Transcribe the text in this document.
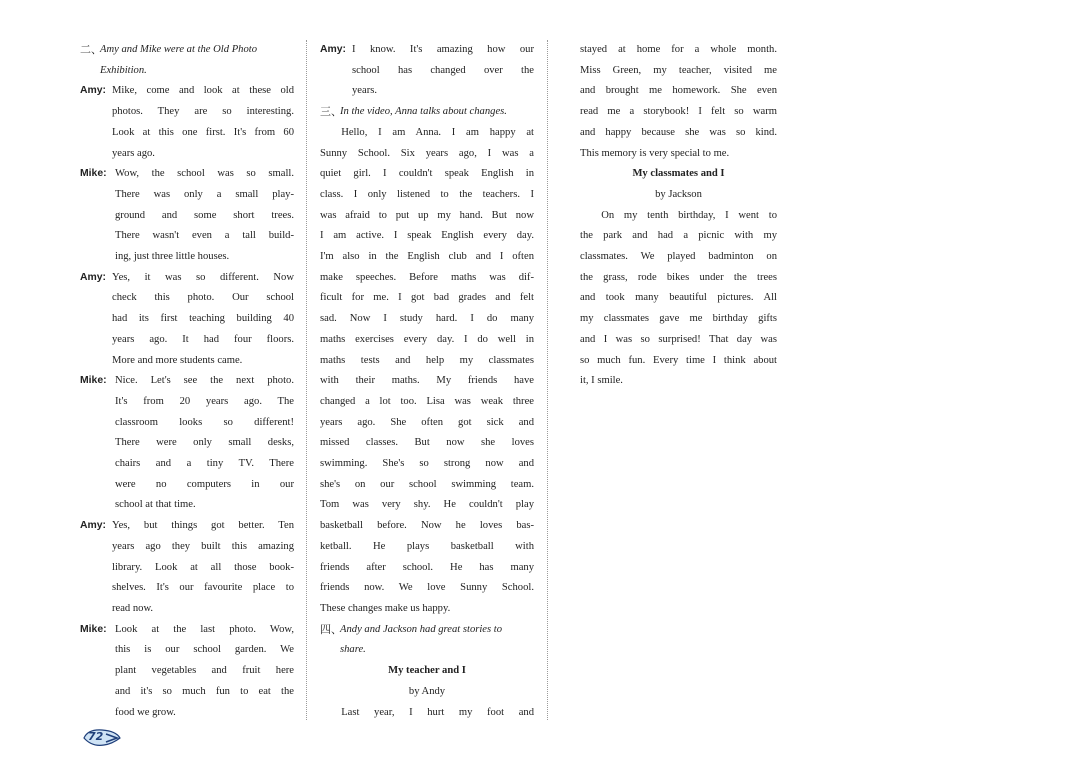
二、
Amy and Mike were at the Old Photo
Exhibition.
Amy: Mike, come and look at these old
photos. They are so interesting.
Look at this one first. It's from 60
years ago.
Mike: Wow, the school was so small.
There was only a small play-
ground and some short trees.
There wasn't even a tall build-
ing, just three little houses.
Amy: Yes, it was so different. Now
check this photo. Our school
had its first teaching building 40
years ago. It had four floors.
More and more students came.
Mike: Nice. Let's see the next photo.
It's from 20 years ago. The
classroom looks so different!
There were only small desks,
chairs and a tiny TV. There
were no computers in our
school at that time.
Amy: Yes, but things got better. Ten
years ago they built this amazing
library. Look at all those book-
shelves. It's our favourite place to
read now.
Mike: Look at the last photo. Wow,
this is our school garden. We
plant vegetables and fruit here
and it's so much fun to eat the
food we grow.
Amy: I know. It's amazing how our
school has changed over the
years.
三、
In the video, Anna talks about changes.
Hello, I am Anna. I am happy at
Sunny School. Six years ago, I was a
quiet girl. I couldn't speak English in
class. I only listened to the teachers. I
was afraid to put up my hand. But now
I am active. I speak English every day.
I'm also in the English club and I often
make speeches. Before maths was dif-
ficult for me. I got bad grades and felt
sad. Now I study hard. I do many
maths exercises every day. I do well in
maths tests and help my classmates
with their maths. My friends have
changed a lot too. Lisa was weak three
years ago. She often got sick and
missed classes. But now she loves
swimming. She's so strong now and
she's on our school swimming team.
Tom was very shy. He couldn't play
basketball before. Now he loves bas-
ketball. He plays basketball with
friends after school. He has many
friends now. We love Sunny School.
These changes make us happy.
四、
Andy and Jackson had great stories to
share.
My teacher and I
by Andy
Last year, I hurt my foot and
stayed at home for a whole month.
Miss Green, my teacher, visited me
and brought me homework. She even
read me a storybook! I felt so warm
and happy because she was so kind.
This memory is very special to me.
My classmates and I
by Jackson
On my tenth birthday, I went to
the park and had a picnic with my
classmates. We played badminton on
the grass, rode bikes under the trees
and took many beautiful pictures. All
my classmates gave me birthday gifts
and I was so surprised! That day was
so much fun. Every time I think about
it, I smile.
72
